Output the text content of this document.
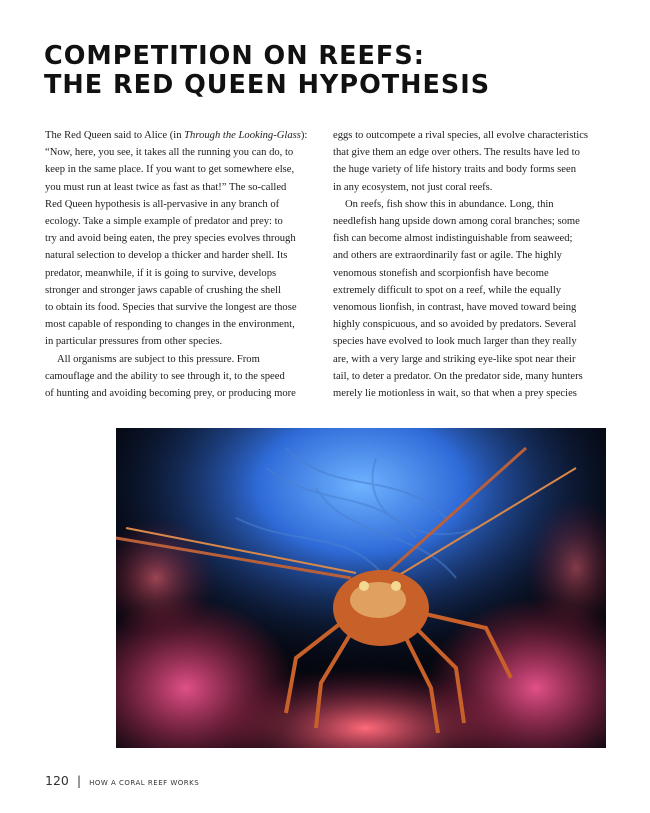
COMPETITION ON REEFS:
THE RED QUEEN HYPOTHESIS
The Red Queen said to Alice (in Through the Looking-Glass):
“Now, here, you see, it takes all the running you can do, to
keep in the same place. If you want to get somewhere else,
you must run at least twice as fast as that!” The so-called
Red Queen hypothesis is all-pervasive in any branch of
ecology. Take a simple example of predator and prey: to
try and avoid being eaten, the prey species evolves through
natural selection to develop a thicker and harder shell. Its
predator, meanwhile, if it is going to survive, develops
stronger and stronger jaws capable of crushing the shell
to obtain its food. Species that survive the longest are those
most capable of responding to changes in the environment,
in particular pressures from other species.
All organisms are subject to this pressure. From
camouflage and the ability to see through it, to the speed
of hunting and avoiding becoming prey, or producing more
eggs to outcompete a rival species, all evolve characteristics
that give them an edge over others. The results have led to
the huge variety of life history traits and body forms seen
in any ecosystem, not just coral reefs.
On reefs, fish show this in abundance. Long, thin
needlefish hang upside down among coral branches; some
fish can become almost indistinguishable from seaweed;
and others are extraordinarily fast or agile. The highly
venomous stonefish and scorpionfish have become
extremely difficult to spot on a reef, while the equally
venomous lionfish, in contrast, have moved toward being
highly conspicuous, and so avoided by predators. Several
species have evolved to look much larger than they really
are, with a very large and striking eye-like spot near their
tail, to deter a predator. On the predator side, many hunters
merely lie motionless in wait, so that when a prey species
120 | HOW A CORAL REEF WORKS
